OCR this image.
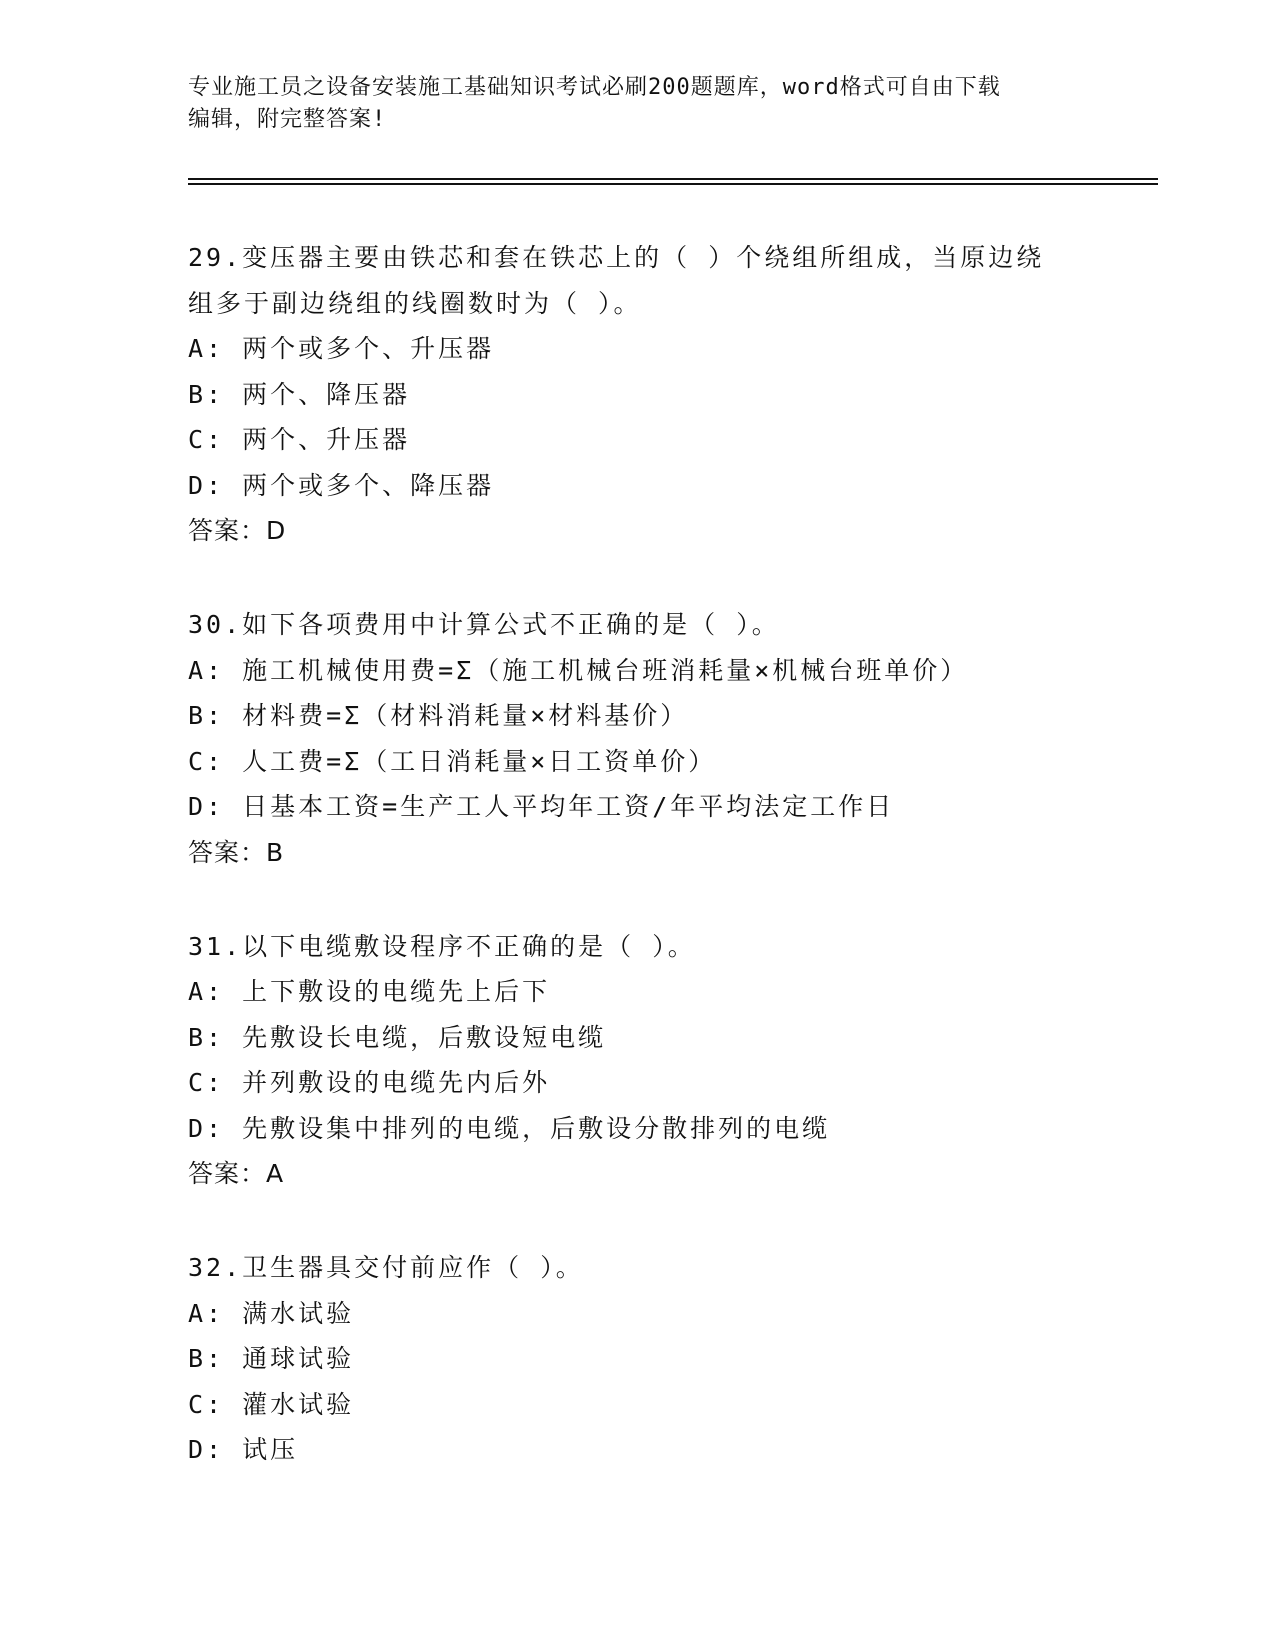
专业施工员之设备安装施工基础知识考试必刷200题题库，word格式可自由下载
编辑，附完整答案!
29.变压器主要由铁芯和套在铁芯上的（ ）个绕组所组成，当原边绕
组多于副边绕组的线圈数时为（ ）。
A: 两个或多个、升压器
B: 两个、降压器
C: 两个、升压器
D: 两个或多个、降压器
答案：D
30.如下各项费用中计算公式不正确的是（ ）。
A: 施工机械使用费=Σ（施工机械台班消耗量×机械台班单价）
B: 材料费=Σ（材料消耗量×材料基价）
C: 人工费=Σ（工日消耗量×日工资单价）
D: 日基本工资=生产工人平均年工资/年平均法定工作日
答案：B
31.以下电缆敷设程序不正确的是（ ）。
A: 上下敷设的电缆先上后下
B: 先敷设长电缆，后敷设短电缆
C: 并列敷设的电缆先内后外
D: 先敷设集中排列的电缆，后敷设分散排列的电缆
答案：A
32.卫生器具交付前应作（ ）。
A: 满水试验
B: 通球试验
C: 灌水试验
D: 试压
